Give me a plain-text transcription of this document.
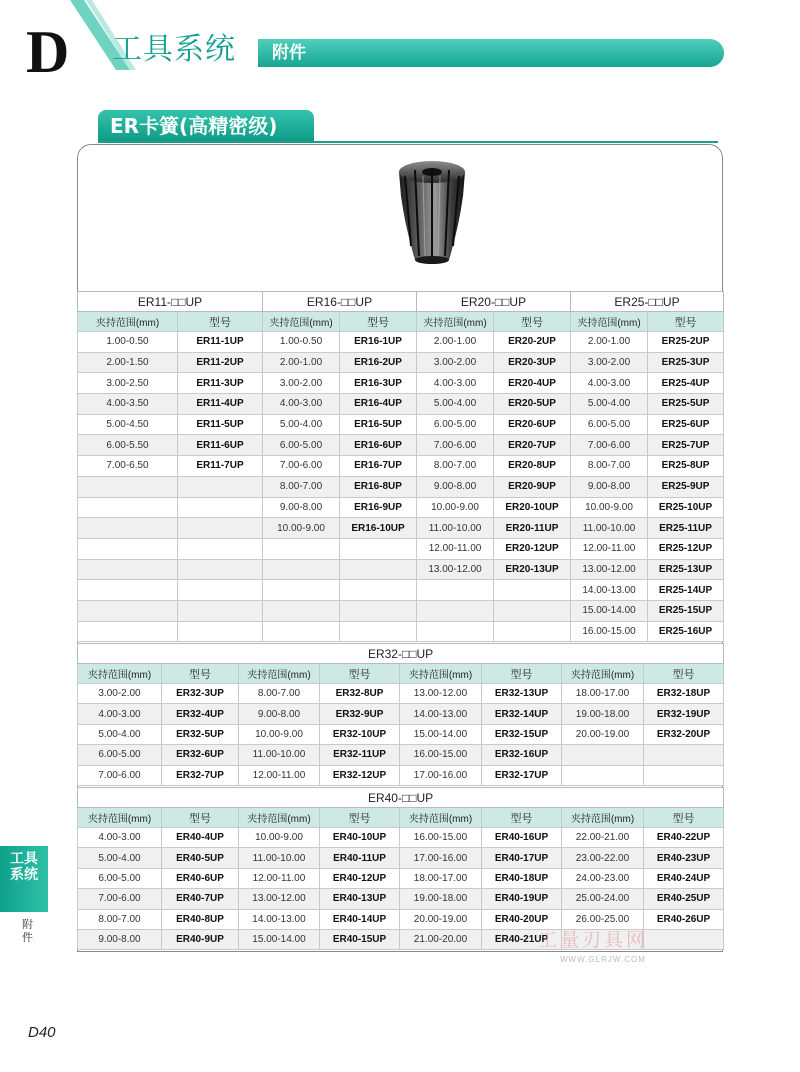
D 工具系统 附件
ER卡簧(高精密级)
ER11-□□UP		ER16-□□UP		ER20-□□UP		ER25-□□UP	
夹持范围(mm)	型号	夹持范围(mm)	型号	夹持范围(mm)	型号	夹持范围(mm)	型号
1.00-0.50	ER11-1UP	1.00-0.50	ER16-1UP	2.00-1.00	ER20-2UP	2.00-1.00	ER25-2UP
2.00-1.50	ER11-2UP	2.00-1.00	ER16-2UP	3.00-2.00	ER20-3UP	3.00-2.00	ER25-3UP
3.00-2.50	ER11-3UP	3.00-2.00	ER16-3UP	4.00-3.00	ER20-4UP	4.00-3.00	ER25-4UP
4.00-3.50	ER11-4UP	4.00-3.00	ER16-4UP	5.00-4.00	ER20-5UP	5.00-4.00	ER25-5UP
5.00-4.50	ER11-5UP	5.00-4.00	ER16-5UP	6.00-5.00	ER20-6UP	6.00-5.00	ER25-6UP
6.00-5.50	ER11-6UP	6.00-5.00	ER16-6UP	7.00-6.00	ER20-7UP	7.00-6.00	ER25-7UP
7.00-6.50	ER11-7UP	7.00-6.00	ER16-7UP	8.00-7.00	ER20-8UP	8.00-7.00	ER25-8UP
		8.00-7.00	ER16-8UP	9.00-8.00	ER20-9UP	9.00-8.00	ER25-9UP
		9.00-8.00	ER16-9UP	10.00-9.00	ER20-10UP	10.00-9.00	ER25-10UP
		10.00-9.00	ER16-10UP	11.00-10.00	ER20-11UP	11.00-10.00	ER25-11UP
				12.00-11.00	ER20-12UP	12.00-11.00	ER25-12UP
				13.00-12.00	ER20-13UP	13.00-12.00	ER25-13UP
						14.00-13.00	ER25-14UP
						15.00-14.00	ER25-15UP
						16.00-15.00	ER25-16UP
ER32-□□UP							
夹持范围(mm)	型号	夹持范围(mm)	型号	夹持范围(mm)	型号	夹持范围(mm)	型号
3.00-2.00	ER32-3UP	8.00-7.00	ER32-8UP	13.00-12.00	ER32-13UP	18.00-17.00	ER32-18UP
4.00-3.00	ER32-4UP	9.00-8.00	ER32-9UP	14.00-13.00	ER32-14UP	19.00-18.00	ER32-19UP
5.00-4.00	ER32-5UP	10.00-9.00	ER32-10UP	15.00-14.00	ER32-15UP	20.00-19.00	ER32-20UP
6.00-5.00	ER32-6UP	11.00-10.00	ER32-11UP	16.00-15.00	ER32-16UP		
7.00-6.00	ER32-7UP	12.00-11.00	ER32-12UP	17.00-16.00	ER32-17UP		
ER40-□□UP							
夹持范围(mm)	型号	夹持范围(mm)	型号	夹持范围(mm)	型号	夹持范围(mm)	型号
4.00-3.00	ER40-4UP	10.00-9.00	ER40-10UP	16.00-15.00	ER40-16UP	22.00-21.00	ER40-22UP
5.00-4.00	ER40-5UP	11.00-10.00	ER40-11UP	17.00-16.00	ER40-17UP	23.00-22.00	ER40-23UP
6.00-5.00	ER40-6UP	12.00-11.00	ER40-12UP	18.00-17.00	ER40-18UP	24.00-23.00	ER40-24UP
7.00-6.00	ER40-7UP	13.00-12.00	ER40-13UP	19.00-18.00	ER40-19UP	25.00-24.00	ER40-25UP
8.00-7.00	ER40-8UP	14.00-13.00	ER40-14UP	20.00-19.00	ER40-20UP	26.00-25.00	ER40-26UP
9.00-8.00	ER40-9UP	15.00-14.00	ER40-15UP	21.00-20.00	ER40-21UP		
工具
系统
附件	工量刃具网
WWW.GLRJW.COM
D40
